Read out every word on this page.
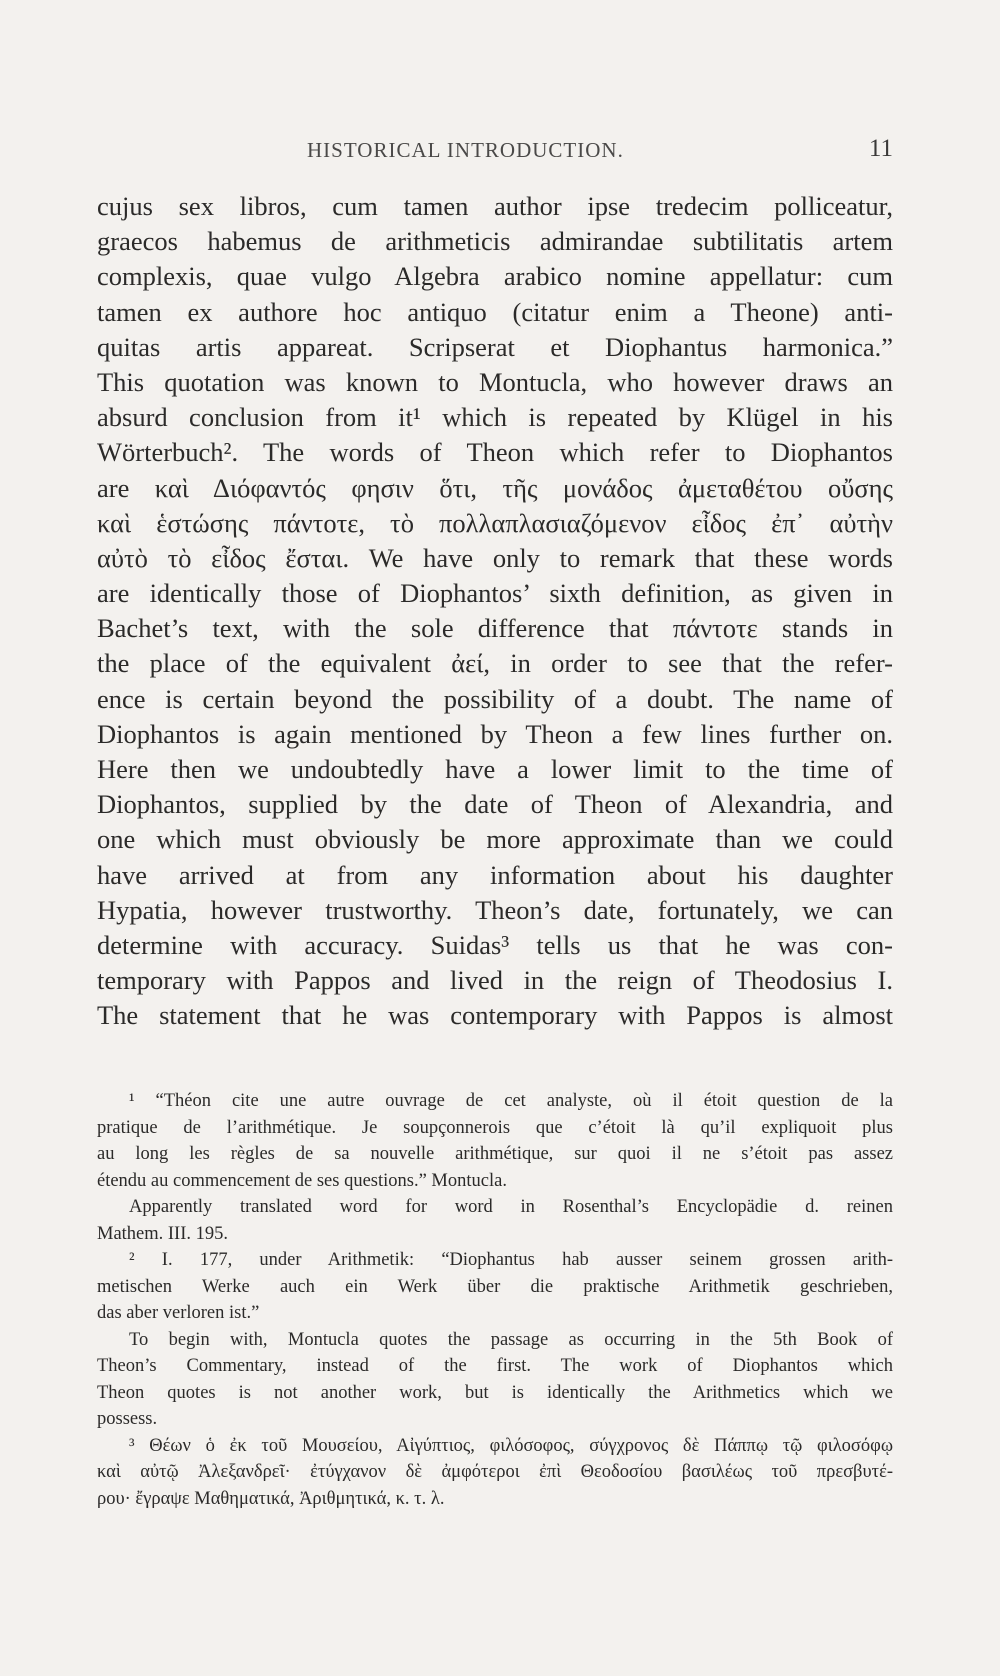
HISTORICAL INTRODUCTION.	11
cujus sex libros, cum tamen author ipse tredecim polliceatur,
graecos habemus de arithmeticis admirandae subtilitatis artem
complexis, quae vulgo Algebra arabico nomine appellatur: cum
tamen ex authore hoc antiquo (citatur enim a Theone) anti-
quitas artis appareat. Scripserat et Diophantus harmonica.”
This quotation was known to Montucla, who however draws an
absurd conclusion from it¹ which is repeated by Klügel in his
Wörterbuch². The words of Theon which refer to Diophantos
are καὶ Διόφαντός φησιν ὅτι, τῆς μονάδος ἀμεταθέτου οὔσης
καὶ ἑστώσης πάντοτε, τὸ πολλαπλασιαζόμενον εἶδος ἐπ᾽ αὐτὴν
αὐτὸ τὸ εἶδος ἔσται. We have only to remark that these words
are identically those of Diophantos’ sixth definition, as given in
Bachet’s text, with the sole difference that πάντοτε stands in
the place of the equivalent ἀεί, in order to see that the refer-
ence is certain beyond the possibility of a doubt. The name of
Diophantos is again mentioned by Theon a few lines further on.
Here then we undoubtedly have a lower limit to the time of
Diophantos, supplied by the date of Theon of Alexandria, and
one which must obviously be more approximate than we could
have arrived at from any information about his daughter
Hypatia, however trustworthy. Theon’s date, fortunately, we can
determine with accuracy. Suidas³ tells us that he was con-
temporary with Pappos and lived in the reign of Theodosius I.
The statement that he was contemporary with Pappos is almost
¹ “Théon cite une autre ouvrage de cet analyste, où il étoit question de la
pratique de l’arithmétique. Je soupçonnerois que c’étoit là qu’il expliquoit plus
au long les règles de sa nouvelle arithmétique, sur quoi il ne s’étoit pas assez
étendu au commencement de ses questions.” Montucla.
Apparently translated word for word in Rosenthal’s Encyclopädie d. reinen
Mathem. III. 195.
² I. 177, under Arithmetik: “Diophantus hab ausser seinem grossen arith-
metischen Werke auch ein Werk über die praktische Arithmetik geschrieben,
das aber verloren ist.”
To begin with, Montucla quotes the passage as occurring in the 5th Book of
Theon’s Commentary, instead of the first. The work of Diophantos which
Theon quotes is not another work, but is identically the Arithmetics which we
possess.
³ Θέων ὁ ἐκ τοῦ Μουσείου, Αἰγύπτιος, φιλόσοφος, σύγχρονος δὲ Πάππῳ τῷ φιλοσόφῳ
καὶ αὐτῷ Ἀλεξανδρεῖ· ἐτύγχανον δὲ ἀμφότεροι ἐπὶ Θεοδοσίου βασιλέως τοῦ πρεσβυτέ-
ρου· ἔγραψε Μαθηματικά, Ἀριθμητικά, κ. τ. λ.
